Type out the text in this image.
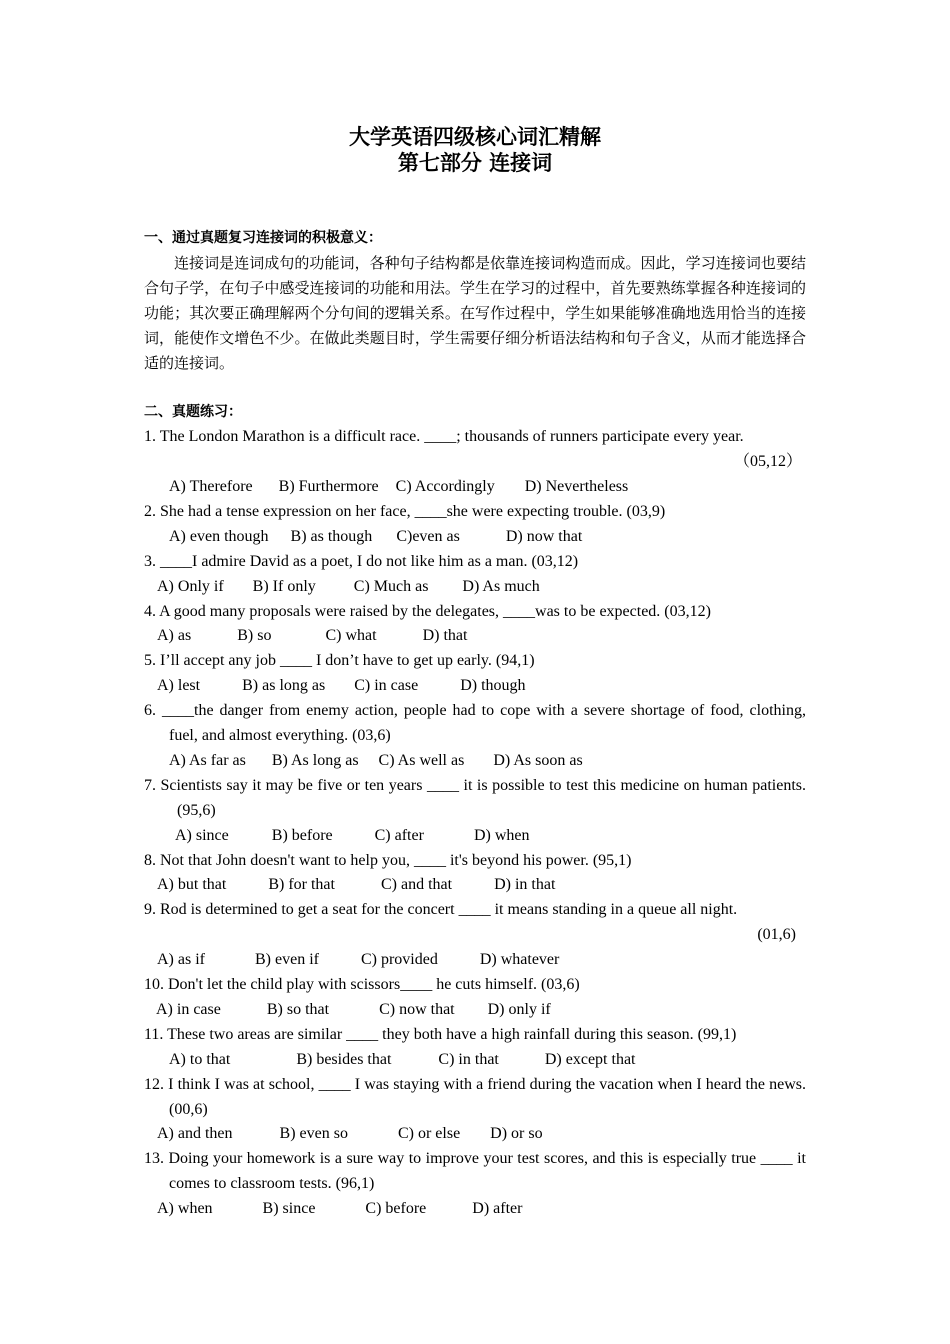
大学英语四级核心词汇精解
第七部分 连接词
一、通过真题复习连接词的积极意义：

连接词是连词成句的功能词，各种句子结构都是依靠连接词构造而成。因此，学习连接词也要结合句子学，在句子中感受连接词的功能和用法。学生在学习的过程中，首先要熟练掌握各种连接词的功能；其次要正确理解两个分句间的逻辑关系。在写作过程中，学生如果能够准确地选用恰当的连接词，能使作文增色不少。在做此类题目时，学生需要仔细分析语法结构和句子含义，从而才能选择合适的连接词。

二、真题练习：
1. The London Marathon is a difficult race. ____; thousands of runners participate every year.
（05,12）
A) Therefore B) Furthermore C) Accordingly D) Nevertheless
2. She had a tense expression on her face, ____she were expecting trouble. (03,9)
A) even though B) as though C)even as	D) now that
3. ____I admire David as a poet, I do not like him as a man. (03,12)
A) Only if B) If only C) Much as D) As much
4. A good many proposals were raised by the delegates, ____was to be expected. (03,12)
A) as	B) so	C) what	D) that
5. I’ll accept any job ____ I don’t have to get up early. (94,1)
A) lest	B) as long as C) in case	D) though
6. ____the danger from enemy action, people had to cope with a severe shortage of food, clothing, fuel, and almost everything. (03,6)
A) As far as B) As long as C) As well as D) As soon as
7. Scientists say it may be five or ten years ____ it is possible to test this medicine on human patients. (95,6)
A) since	B) before	C) after	D) when
8. Not that John doesn't want to help you, ____ it's beyond his power. (95,1)
A) but that	B) for that	C) and that	D) in that
9. Rod is determined to get a seat for the concert ____ it means standing in a queue all night.
(01,6)
A) as if	B) even if	C) provided	D) whatever
10. Don't let the child play with scissors____ he cuts himself. (03,6)
A) in case	B) so that	C) now that D) only if
11. These two areas are similar ____ they both have a high rainfall during this season. (99,1)
A) to that	B) besides that	C) in that	D) except that
12. I think I was at school, ____ I was staying with a friend during the vacation when I heard the news. (00,6)
A) and then	B) even so	C) or else D) or so
13. Doing your homework is a sure way to improve your test scores, and this is especially true ____ it comes to classroom tests. (96,1)
A) when	B) since	C) before	D) after
